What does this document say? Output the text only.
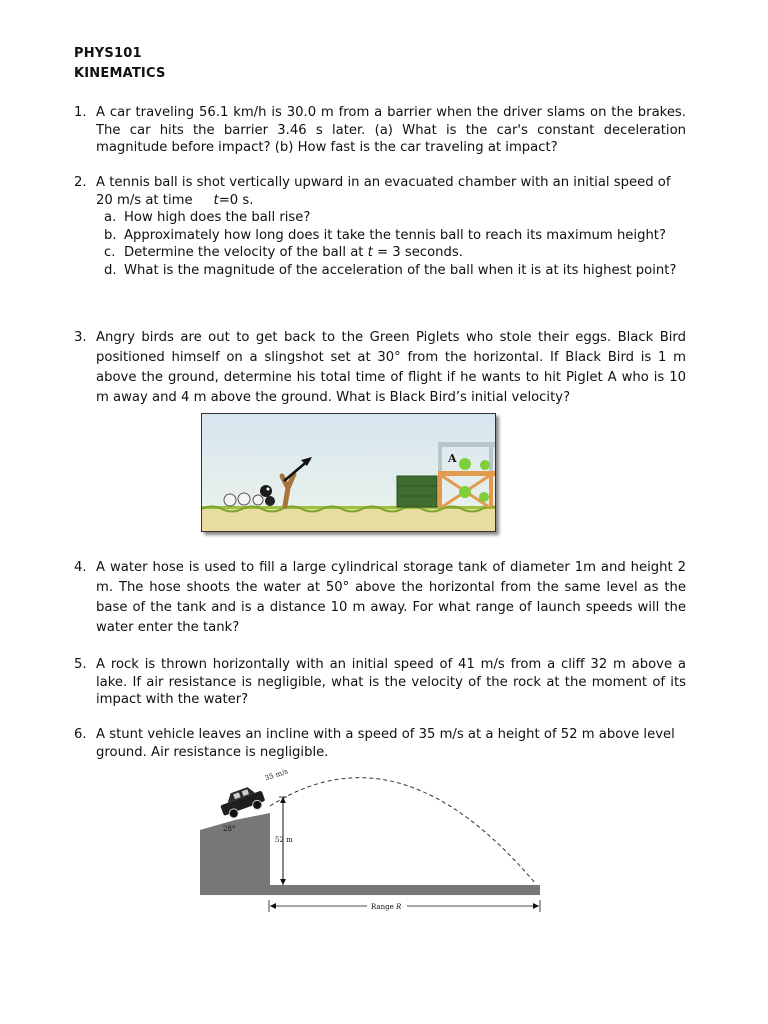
PHYS101
KINEMATICS
1. A car traveling 56.1 km/h is 30.0 m from a barrier when the driver slams on the brakes. The car hits the barrier 3.46 s later. (a) What is the car's constant deceleration magnitude before impact? (b) How fast is the car traveling at impact?
2. A tennis ball is shot vertically upward in an evacuated chamber with an initial speed of 20 m/s at time t=0 s.
a. How high does the ball rise?
b. Approximately how long does it take the tennis ball to reach its maximum height?
c. Determine the velocity of the ball at t = 3 seconds.
d. What is the magnitude of the acceleration of the ball when it is at its highest point?
3. Angry birds are out to get back to the Green Piglets who stole their eggs. Black Bird positioned himself on a slingshot set at 30° from the horizontal. If Black Bird is 1 m above the ground, determine his total time of flight if he wants to hit Piglet A who is 10 m away and 4 m above the ground. What is Black Bird’s initial velocity?
A
4. A water hose is used to fill a large cylindrical storage tank of diameter 1m and height 2 m. The hose shoots the water at 50° above the horizontal from the same level as the base of the tank and is a distance 10 m away. For what range of launch speeds will the water enter the tank?
5. A rock is thrown horizontally with an initial speed of 41 m/s from a cliff 32 m above a lake. If air resistance is negligible, what is the velocity of the rock at the moment of its impact with the water?
6. A stunt vehicle leaves an incline with a speed of 35 m/s at a height of 52 m above level ground. Air resistance is negligible.
35 m/s
28°
52 m
Range R
